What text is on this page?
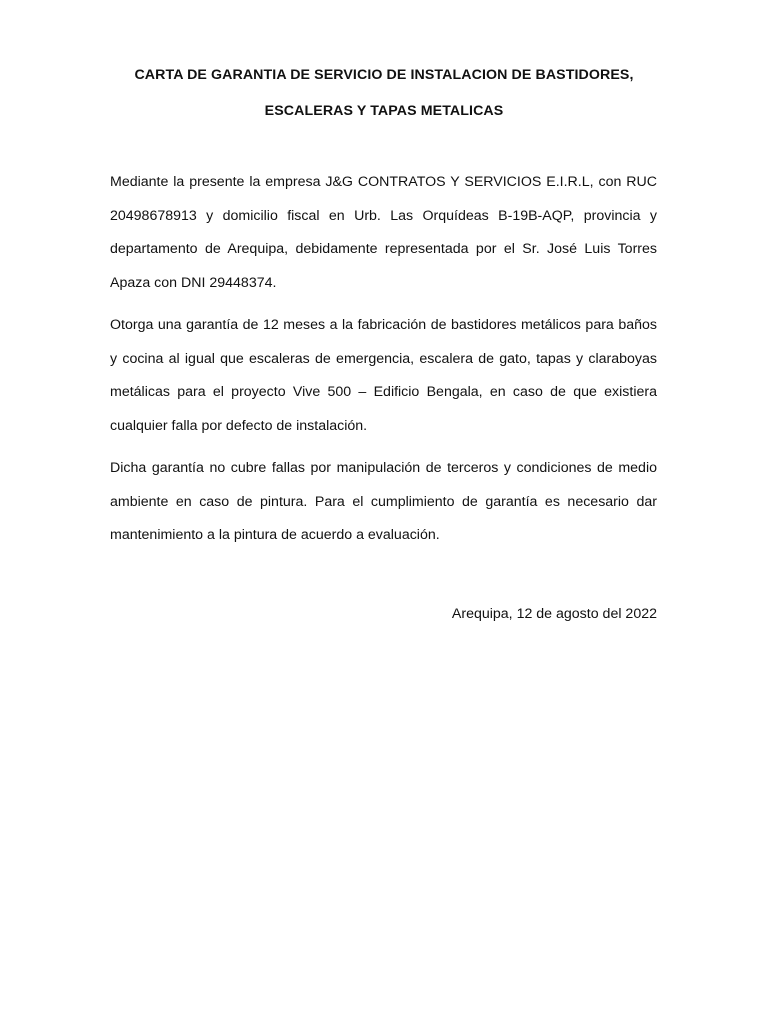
CARTA DE GARANTIA DE SERVICIO DE INSTALACION DE BASTIDORES,
ESCALERAS Y TAPAS METALICAS

Mediante la presente la empresa J&G CONTRATOS Y SERVICIOS E.I.R.L, con RUC 20498678913 y domicilio fiscal en Urb. Las Orquídeas B-19B-AQP, provincia y departamento de Arequipa, debidamente representada por el Sr. José Luis Torres Apaza con DNI 29448374.

Otorga una garantía de 12 meses a la fabricación de bastidores metálicos para baños y cocina al igual que escaleras de emergencia, escalera de gato, tapas y claraboyas metálicas para el proyecto Vive 500 – Edificio Bengala, en caso de que existiera cualquier falla por defecto de instalación.

Dicha garantía no cubre fallas por manipulación de terceros y condiciones de medio ambiente en caso de pintura. Para el cumplimiento de garantía es necesario dar mantenimiento a la pintura de acuerdo a evaluación.

Arequipa, 12 de agosto del 2022
